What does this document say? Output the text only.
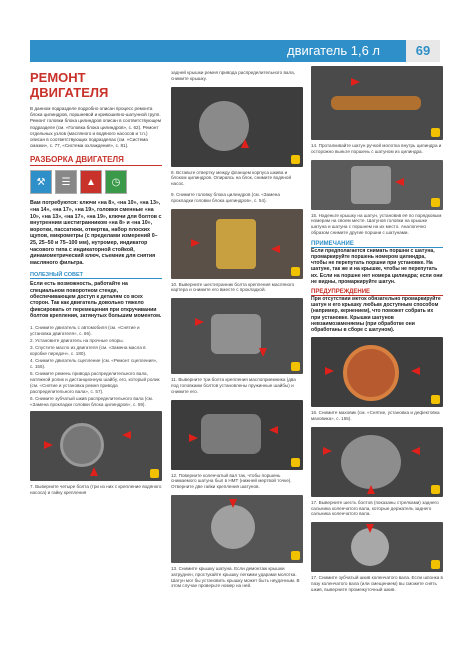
двигатель 1,6 л	69
РЕМОНТ ДВИГАТЕЛЯ
В данном подразделе подробно описан процесс ремонта блока цилиндров, поршневой и кривошипно-шатунной групп. Ремонт головки блока цилиндров описан в соответствующем подразделе (см. «Головка блока цилиндров», с. 62). Ремонт отдельных узлов (масляного и водяного насосов и т.п.) описан в соответствующих подразделах (см. «Система смазки», с. 77, «Система охлаждения», с. 81).
РАЗБОРКА ДВИГАТЕЛЯ
⚒	☰	▲	◷
Вам потребуются: ключи «на 8», «на 10», «на 13», «на 14», «на 17», «на 19», головки сменные «на 10», «на 13», «на 17», «на 19», ключи для болтов с внутренним шестигранником «на 8» и «на 10», воротки, пассатижи, отвертка, набор плоских щупов, микрометры (с пределами измерений 0–25, 25–50 и 75–100 мм), нутромер, индикатор часового типа с индикаторной стойкой, динамометрический ключ, съемник для снятия масляного фильтра.
ПОЛЕЗНЫЙ СОВЕТ
Если есть возможность, работайте на специальном поворотном стенде, обеспечивающем доступ к деталям со всех сторон. Так как двигатель довольно тяжело фиксировать от перемещения при откручивании болтов крепления, затянутых большим моментом.
1. Снимите двигатель с автомобиля (см. «Снятие и установка двигателя», с. 66).
2. Установите двигатель на прочные опоры.
3. Спустите масло из двигателя (см. «Замена масла в коробке передач», с. 180).
4. Снимите двигатель сцепление (см. «Ремонт сцепления», с. 155).
5. Снимите ремень привода распределительного вала, натяжной ролик и дистанционную шайбу, его, который ролик (см. «Снятие и установка ремня привода распределительного вала», с. 57).
6. Снимите зубчатый шкив распределительного вала (см. «Замена прокладки головки блока цилиндров», с. 59).
7. Выверните четыре болта (три из них с крепление водяного насоса) и гайку крепления
задней крышки ремня привода распределительного вала, снимите крышку.
8. Вставьте отвертку между фланцем корпуса шкива и блоком цилиндров. Опираясь на блок, снимите водяной насос.
9. Снимите головку блока цилиндров (см. «Замена прокладки головки блока цилиндров», с. 54).
10. Выверните шестигранник болта крепления масляного картера и снимите его вместе с прокладкой.
11. Выверните три болта крепления маслоприемника (два под головками болтов установлены пружинные шайбы) и снимите его.
12. Поверните коленчатый вал так, чтобы поршень снимаемого шатуна был в НМТ (нижней мертвой точке). Отверните две гайки крепления шатунов.
13. Снимите крышку шатуна. Если демонтаж крышки затруднен, простукайте крышку легкими ударами молотка. Шатун мог бы установить крышку может быть неудачным. В этом случае проверьте номер на ней.
14. Проталкивайте шатун ручкой молотка внутрь цилиндра и осторожно выньте поршень с шатуном из цилиндра.
15. Наденьте крышку на шатун, установив её по порядковым номерам на своем месте. Шатунов головки на крышке шатуна и шатуна с поршнем на их место. Аналогично образом снимите другие поршни с шатунами.
ПРИМЕЧАНИЕ
Если предполагается снимать поршни с шатуна, промаркируйте поршень номером цилиндра, чтобы не перепутать поршни при установке. На шатуне, так же и на крышке, чтобы не перепутать их. Если на поршне нет номера цилиндра; если они не видны, промаркируйте шатун.
ПРЕДУПРЕЖДЕНИЕ
При отсутствии меток обязательно промаркируйте шатун и его крышку любым доступным способом (например, кернением), что поможет собрать их при установке. Крышки шатунов невзаимозаменяемы (при обработке они обработаны в сборе с шатуном).
16. Снимите маховик (см. «Снятие, установка и дефектовка маховика», с. 155).
17. Выверните шесть болтов (показаны стрелками) заднего сальника коленчатого вала, которые держатель заднего сальника коленчатого вала.
17. Снимите зубчатый шкив коленчатого вала. Если шпонка в пазу коленчатого вала (или смещением) вы сможете снять шкив, выверните промежуточный шкив.
